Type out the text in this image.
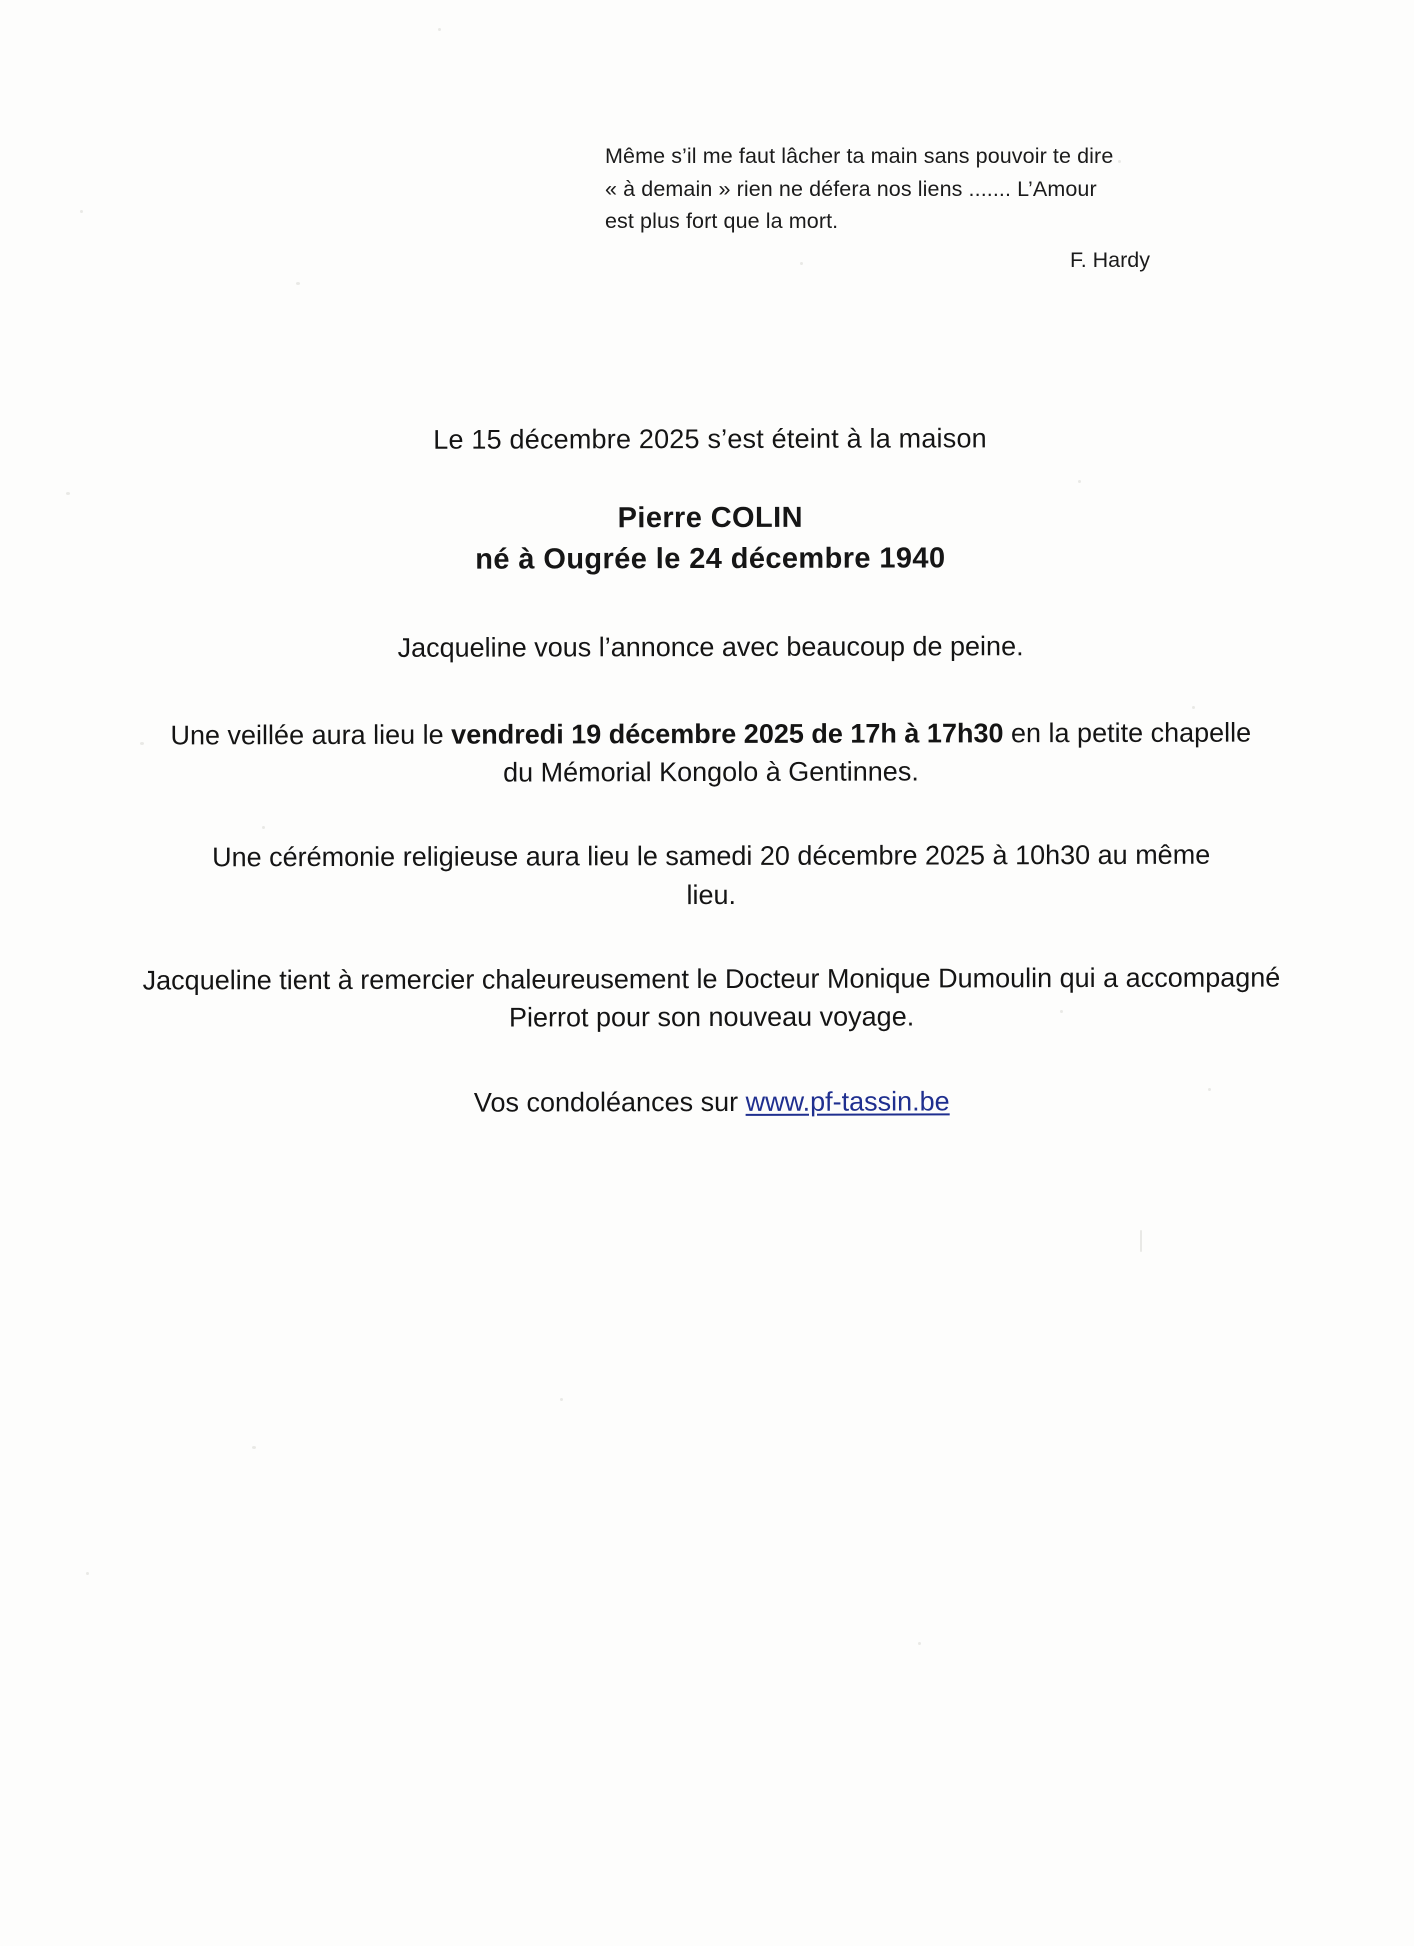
Même s’il me faut lâcher ta main sans pouvoir te dire
« à demain » rien ne défera nos liens ....... L’Amour
est plus fort que la mort.
F. Hardy

Le 15 décembre 2025 s’est éteint à la maison

Pierre COLIN

né à Ougrée le 24 décembre 1940

Jacqueline vous l’annonce avec beaucoup de peine.

Une veillée aura lieu le vendredi 19 décembre 2025 de 17h à 17h30 en la petite chapelle du Mémorial Kongolo à Gentinnes.

Une cérémonie religieuse aura lieu le samedi 20 décembre 2025 à 10h30 au même lieu.

Jacqueline tient à remercier chaleureusement le Docteur Monique Dumoulin qui a accompagné Pierrot pour son nouveau voyage.

Vos condoléances sur www.pf-tassin.be
